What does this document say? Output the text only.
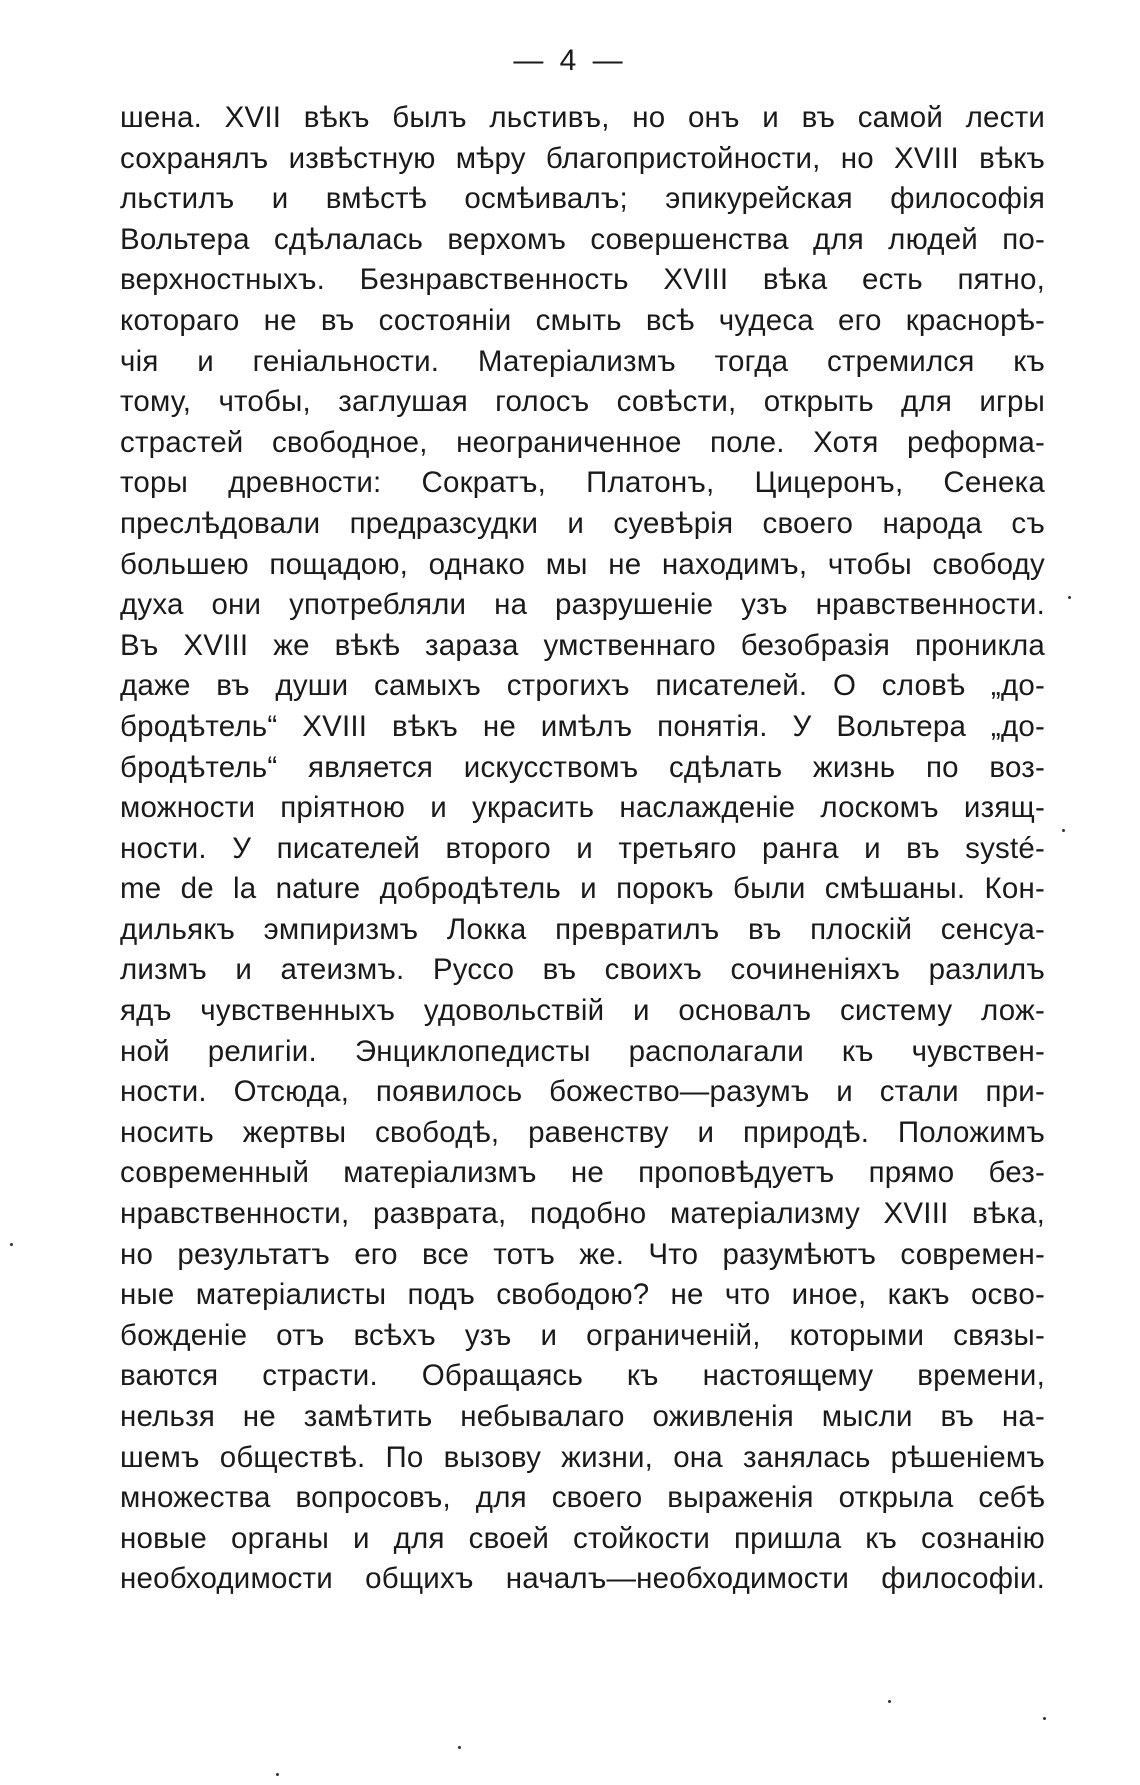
— 4 —
шена. XVII вѣкъ былъ льстивъ, но онъ и въ самой лести
сохранялъ извѣстную мѣру благопристойности, но XVIII вѣкъ
льстилъ и вмѣстѣ осмѣивалъ; эпикурейская философія
Вольтера сдѣлалась верхомъ совершенства для людей по-
верхностныхъ. Безнравственность XVIII вѣка есть пятно,
котораго не въ состояніи смыть всѣ чудеса его краснорѣ-
чія и геніальности. Матеріализмъ тогда стремился къ
тому, чтобы, заглушая голосъ совѣсти, открыть для игры
страстей свободное, неограниченное поле. Хотя реформа-
торы древности: Сократъ, Платонъ, Цицеронъ, Сенека
преслѣдовали предразсудки и суевѣрія своего народа съ
большею пощадою, однако мы не находимъ, чтобы свободу
духа они употребляли на разрушеніе узъ нравственности.
Въ XVIII же вѣкѣ зараза умственнаго безобразія проникла
даже въ души самыхъ строгихъ писателей. О словѣ „до-
бродѣтель“ XVIII вѣкъ не имѣлъ понятія. У Вольтера „до-
бродѣтель“ является искусствомъ сдѣлать жизнь по воз-
можности пріятною и украсить наслажденіе лоскомъ изящ-
ности. У писателей второго и третьяго ранга и въ systé-
me de la nature добродѣтель и порокъ были смѣшаны. Кон-
дильякъ эмпиризмъ Локка превратилъ въ плоскій сенсуа-
лизмъ и атеизмъ. Руссо въ своихъ сочиненіяхъ разлилъ
ядъ чувственныхъ удовольствій и основалъ систему лож-
ной религіи. Энциклопедисты располагали къ чувствен-
ности. Отсюда, появилось божество—разумъ и стали при-
носить жертвы свободѣ, равенству и природѣ. Положимъ
современный матеріализмъ не проповѣдуетъ прямо без-
нравственности, разврата, подобно матеріализму XVIII вѣка,
но результатъ его все тотъ же. Что разумѣютъ современ-
ные матеріалисты подъ свободою? не что иное, какъ освo-
божденіе отъ всѣхъ узъ и ограниченій, которыми связы-
ваются страсти. Обращаясь къ настоящему времени,
нельзя не замѣтить небывалаго оживленія мысли въ на-
шемъ обществѣ. По вызову жизни, она занялась рѣшеніемъ
множества вопросовъ, для своего выраженія открыла себѣ
новые органы и для своей стойкости пришла къ сознанію
необходимости общихъ началъ—необходимости философіи.
